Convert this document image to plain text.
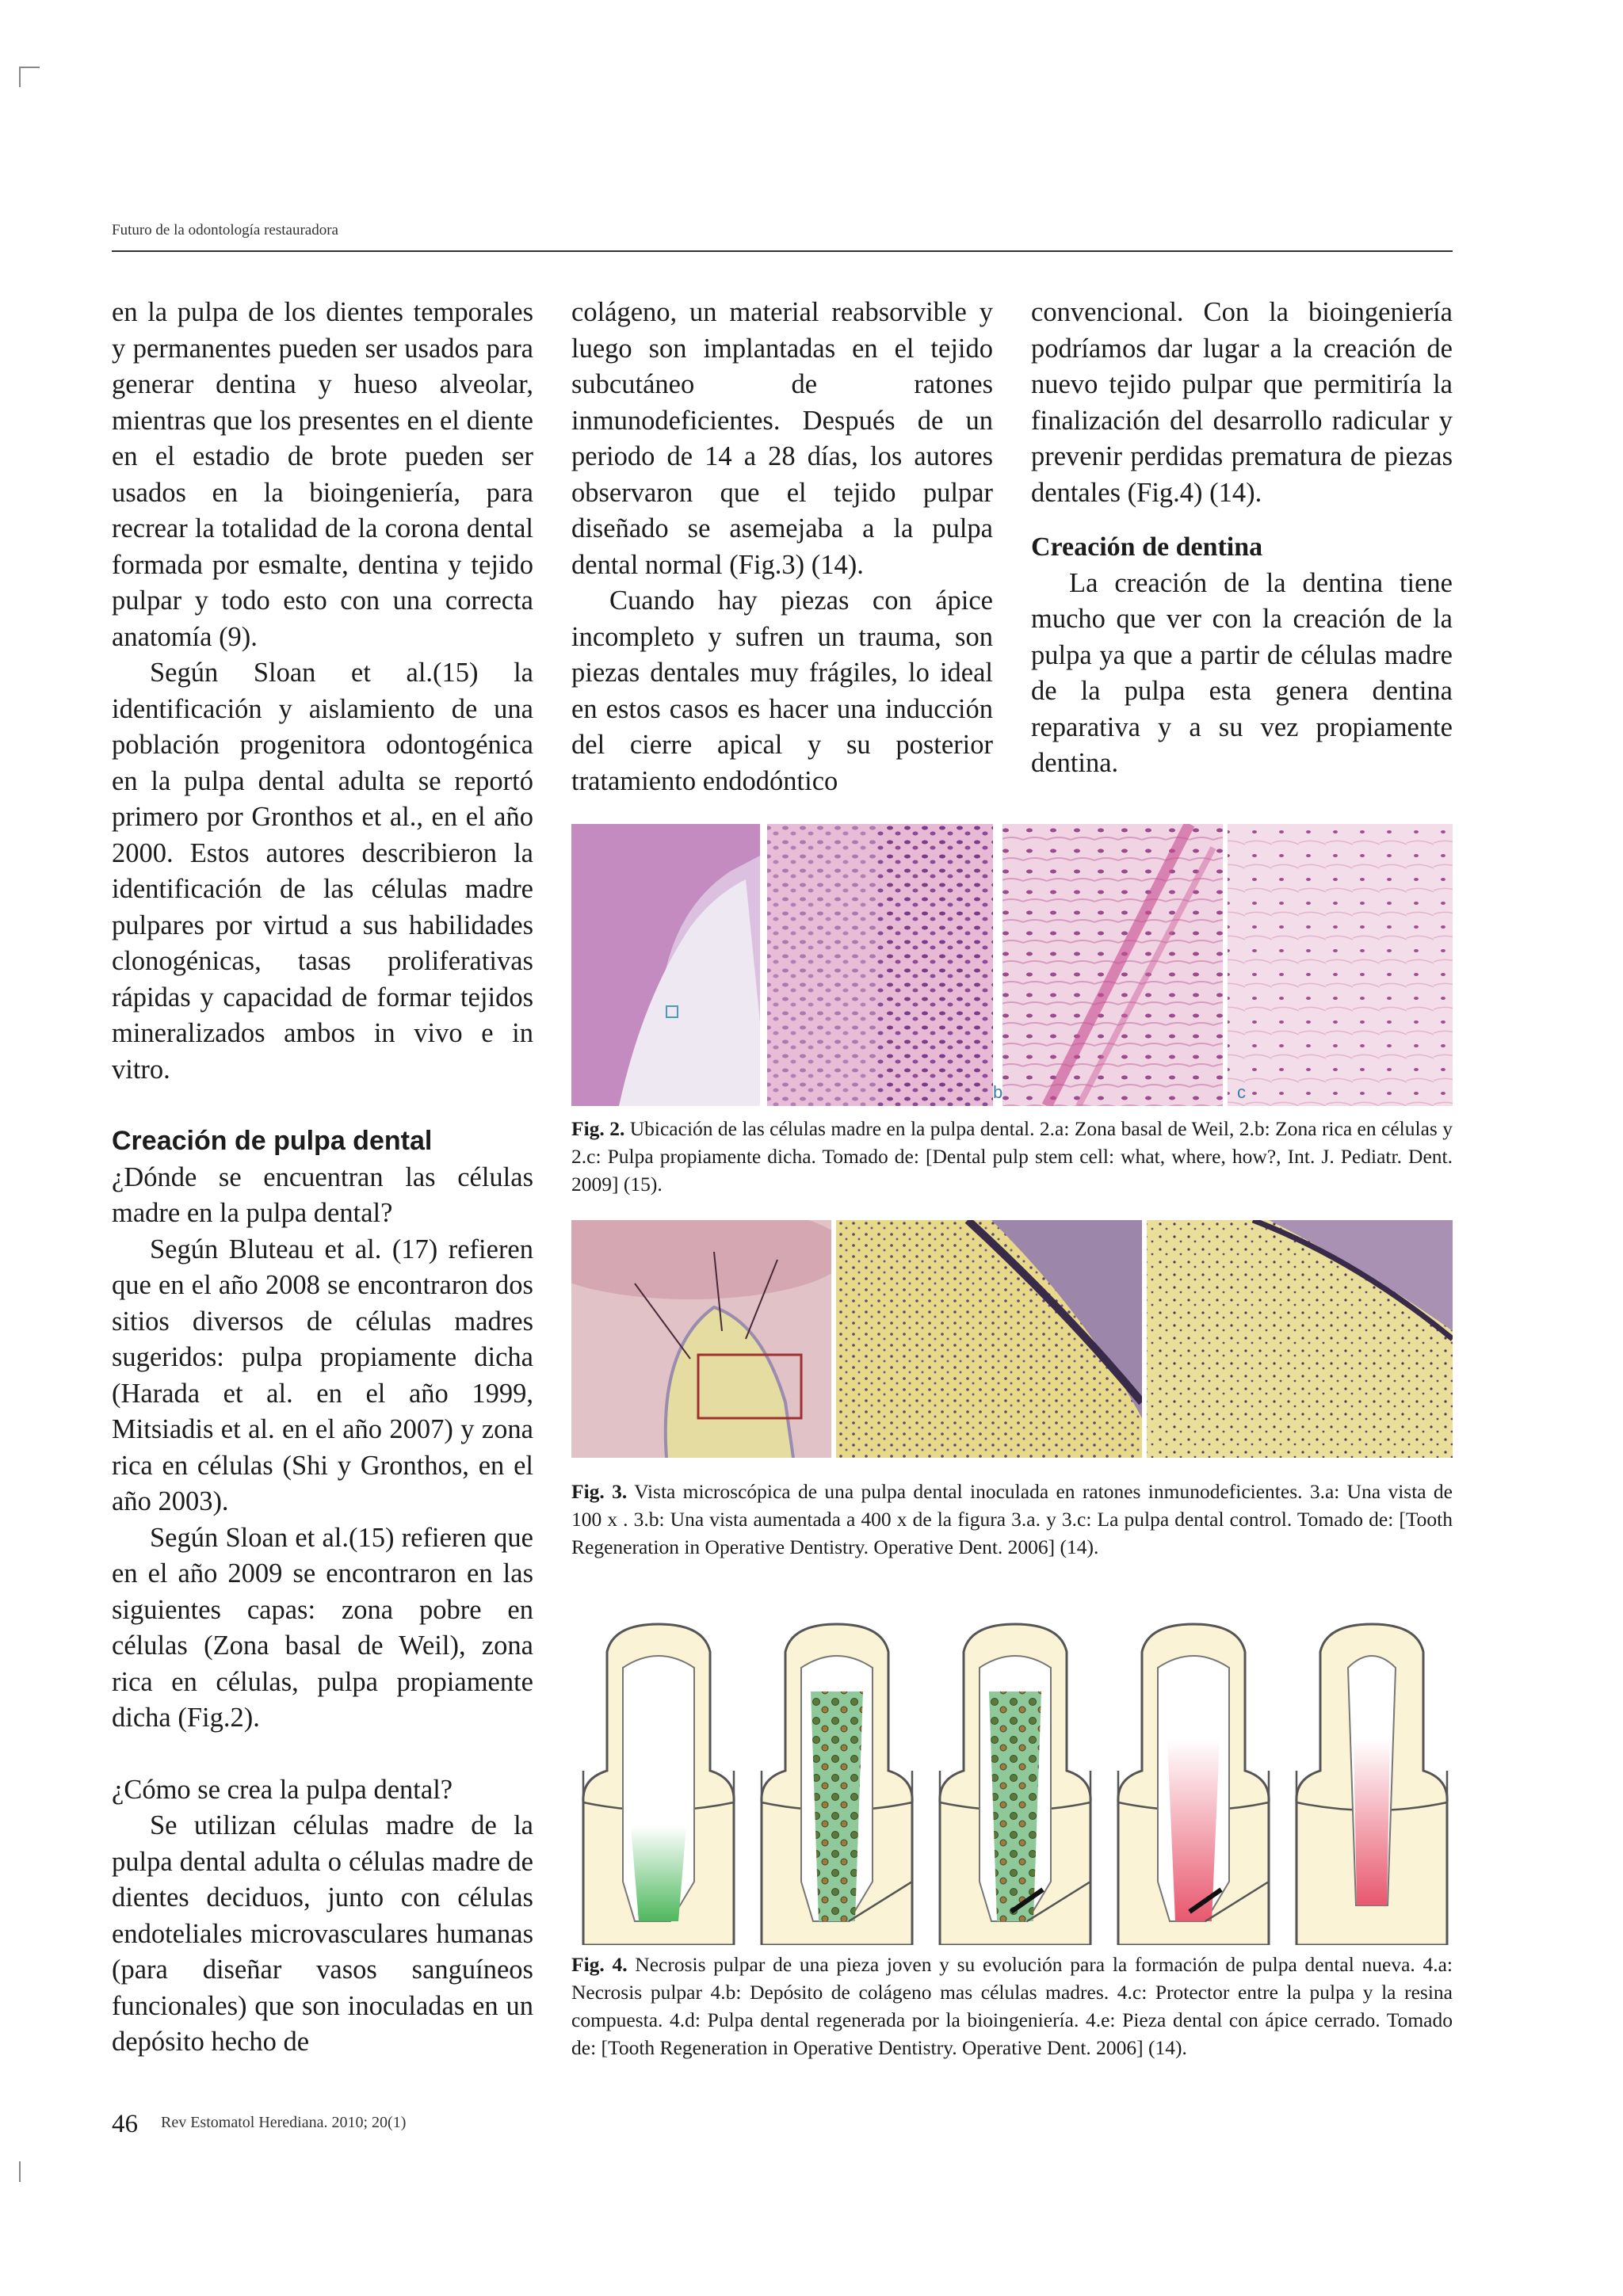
Futuro de la odontología restauradora

en la pulpa de los dientes temporales y permanentes pueden ser usados para generar dentina y hueso alveolar, mientras que los presentes en el diente en el estadio de brote pueden ser usados en la bioingeniería, para recrear la totalidad de la corona dental formada por esmalte, dentina y tejido pulpar y todo esto con una correcta anatomía (9).

Según Sloan et al.(15) la identificación y aislamiento de una población progenitora odontogénica en la pulpa dental adulta se reportó primero por Gronthos et al., en el año 2000. Estos autores describieron la identificación de las células madre pulpares por virtud a sus habilidades clonogénicas, tasas proliferativas rápidas y capacidad de formar tejidos mineralizados ambos in vivo e in vitro.

Creación de pulpa dental

¿Dónde se encuentran las células madre en la pulpa dental?

Según Bluteau et al. (17) refieren que en el año 2008 se encontraron dos sitios diversos de células madres sugeridos: pulpa propiamente dicha (Harada et al. en el año 1999, Mitsiadis et al. en el año 2007) y zona rica en células (Shi y Gronthos, en el año 2003).

Según Sloan et al.(15) refieren que en el año 2009 se encontraron en las siguientes capas: zona pobre en células (Zona basal de Weil), zona rica en células, pulpa propiamente dicha (Fig.2).

¿Cómo se crea la pulpa dental?

Se utilizan células madre de la pulpa dental adulta o células madre de dientes deciduos, junto con células endoteliales microvasculares humanas (para diseñar vasos sanguíneos funcionales) que son inoculadas en un depósito hecho de

colágeno, un material reabsorvible y luego son implantadas en el tejido subcutáneo de ratones inmunodeficientes. Después de un periodo de 14 a 28 días, los autores observaron que el tejido pulpar diseñado se asemejaba a la pulpa dental normal (Fig.3) (14).

Cuando hay piezas con ápice incompleto y sufren un trauma, son piezas dentales muy frágiles, lo ideal en estos casos es hacer una inducción del cierre apical y su posterior tratamiento endodóntico

convencional. Con la bioingeniería podríamos dar lugar a la creación de nuevo tejido pulpar que permitiría la finalización del desarrollo radicular y prevenir perdidas prematura de piezas dentales (Fig.4) (14).

Creación de dentina

La creación de la dentina tiene mucho que ver con la creación de la pulpa ya que a partir de células madre de la pulpa esta genera dentina reparativa y a su vez propiamente dentina.

b	c
Fig. 2. Ubicación de las células madre en la pulpa dental. 2.a: Zona basal de Weil, 2.b: Zona rica en células y 2.c: Pulpa propiamente dicha. Tomado de: [Dental pulp stem cell: what, where, how?, Int. J. Pediatr. Dent. 2009] (15).
Fig. 3. Vista microscópica de una pulpa dental inoculada en ratones inmunodeficientes. 3.a: Una vista de 100 x . 3.b: Una vista aumentada a 400 x de la figura 3.a. y 3.c: La pulpa dental control. Tomado de: [Tooth Regeneration in Operative Dentistry. Operative Dent. 2006] (14).
Fig. 4. Necrosis pulpar de una pieza joven y su evolución para la formación de pulpa dental nueva. 4.a: Necrosis pulpar 4.b: Depósito de colágeno mas células madres. 4.c: Protector entre la pulpa y la resina compuesta. 4.d: Pulpa dental regenerada por la bioingeniería. 4.e: Pieza dental con ápice cerrado. Tomado de: [Tooth Regeneration in Operative Dentistry. Operative Dent. 2006] (14).
46 Rev Estomatol Herediana. 2010; 20(1)
